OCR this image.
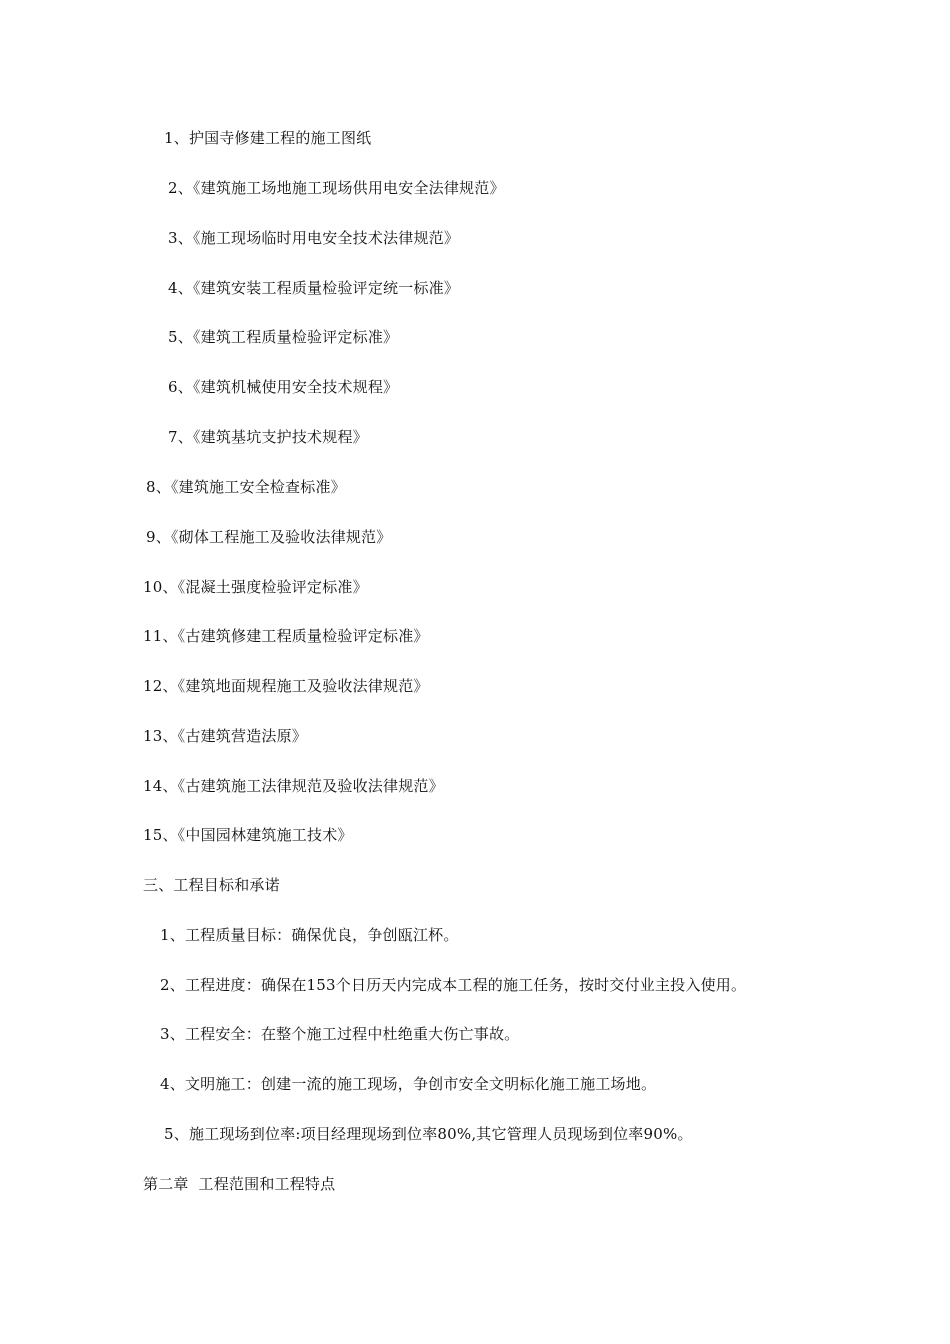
1、护国寺修建工程的施工图纸
2、《建筑施工场地施工现场供用电安全法律规范》
3、《施工现场临时用电安全技术法律规范》
4、《建筑安装工程质量检验评定统一标准》
5、《建筑工程质量检验评定标准》
6、《建筑机械使用安全技术规程》
7、《建筑基坑支护技术规程》
8、《建筑施工安全检查标准》
9、《砌体工程施工及验收法律规范》
10、《混凝土强度检验评定标准》
11、《古建筑修建工程质量检验评定标准》
12、《建筑地面规程施工及验收法律规范》
13、《古建筑营造法原》
14、《古建筑施工法律规范及验收法律规范》
15、《中国园林建筑施工技术》
三、工程目标和承诺
1、工程质量目标：确保优良，争创瓯江杯。
2、工程进度：确保在153个日历天内完成本工程的施工任务，按时交付业主投入使用。
3、工程安全：在整个施工过程中杜绝重大伤亡事故。
4、文明施工：创建一流的施工现场，争创市安全文明标化施工施工场地。
5、施工现场到位率:项目经理现场到位率80%,其它管理人员现场到位率90%。
第二章  工程范围和工程特点
